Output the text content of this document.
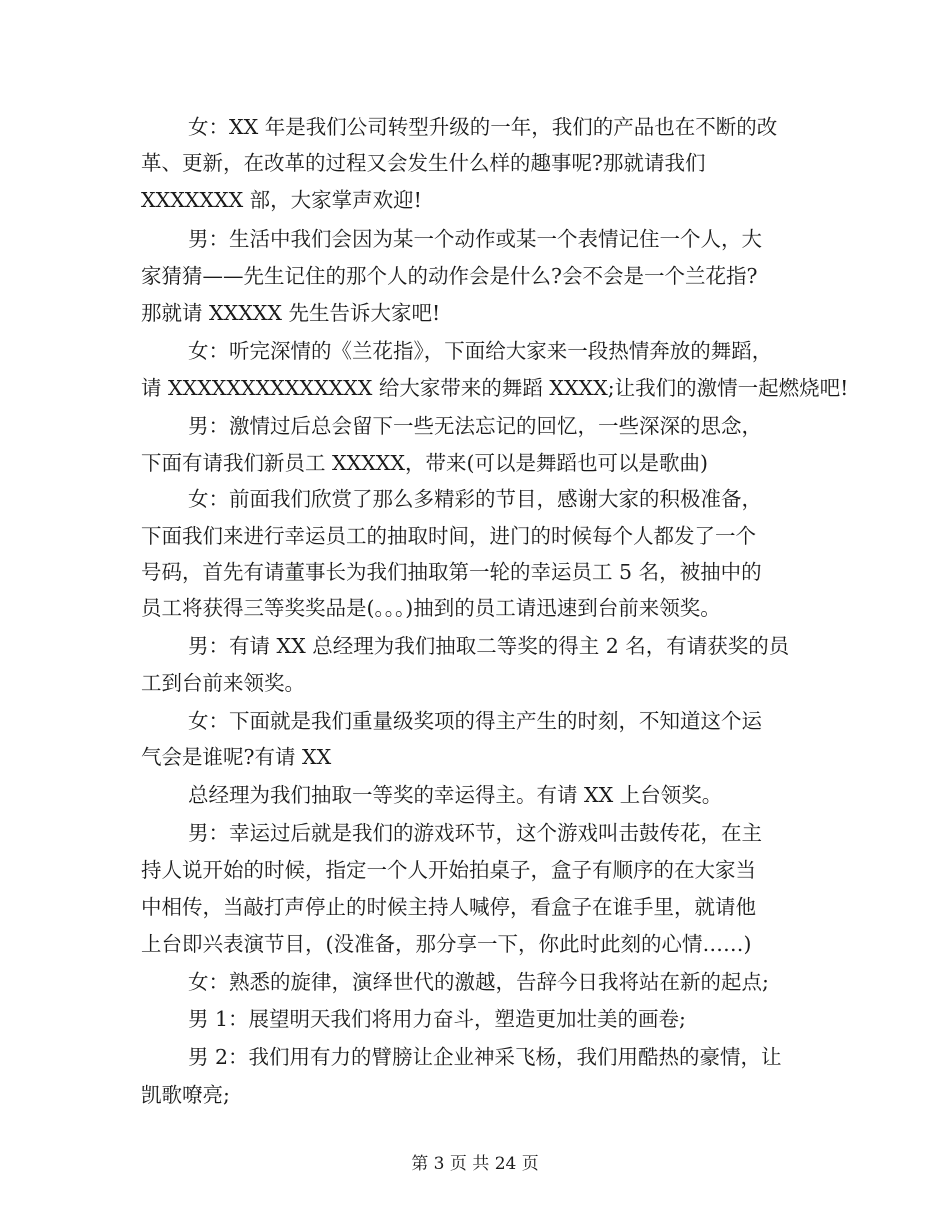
女：XX 年是我们公司转型升级的一年，我们的产品也在不断的改
革、更新，在改革的过程又会发生什么样的趣事呢?那就请我们
XXXXXXX 部，大家掌声欢迎!
男：生活中我们会因为某一个动作或某一个表情记住一个人，大
家猜猜——先生记住的那个人的动作会是什么?会不会是一个兰花指?
那就请 XXXXX 先生告诉大家吧!
女：听完深情的《兰花指》，下面给大家来一段热情奔放的舞蹈，
请 XXXXXXXXXXXXXX 给大家带来的舞蹈 XXXX;让我们的激情一起燃烧吧!
男：激情过后总会留下一些无法忘记的回忆，一些深深的思念，
下面有请我们新员工 XXXXX，带来(可以是舞蹈也可以是歌曲)
女：前面我们欣赏了那么多精彩的节目，感谢大家的积极准备，
下面我们来进行幸运员工的抽取时间，进门的时候每个人都发了一个
号码，首先有请董事长为我们抽取第一轮的幸运员工 5 名，被抽中的
员工将获得三等奖奖品是(。。。)抽到的员工请迅速到台前来领奖。
男：有请 XX 总经理为我们抽取二等奖的得主 2 名，有请获奖的员
工到台前来领奖。
女：下面就是我们重量级奖项的得主产生的时刻，不知道这个运
气会是谁呢?有请 XX
总经理为我们抽取一等奖的幸运得主。有请 XX 上台领奖。
男：幸运过后就是我们的游戏环节，这个游戏叫击鼓传花，在主
持人说开始的时候，指定一个人开始拍桌子，盒子有顺序的在大家当
中相传，当敲打声停止的时候主持人喊停，看盒子在谁手里，就请他
上台即兴表演节目，(没准备，那分享一下，你此时此刻的心情……)
女：熟悉的旋律，演绎世代的激越，告辞今日我将站在新的起点;
男 1：展望明天我们将用力奋斗，塑造更加壮美的画卷;
男 2：我们用有力的臂膀让企业神采飞杨，我们用酷热的豪情，让
凯歌嘹亮;
第 3 页 共 24 页
